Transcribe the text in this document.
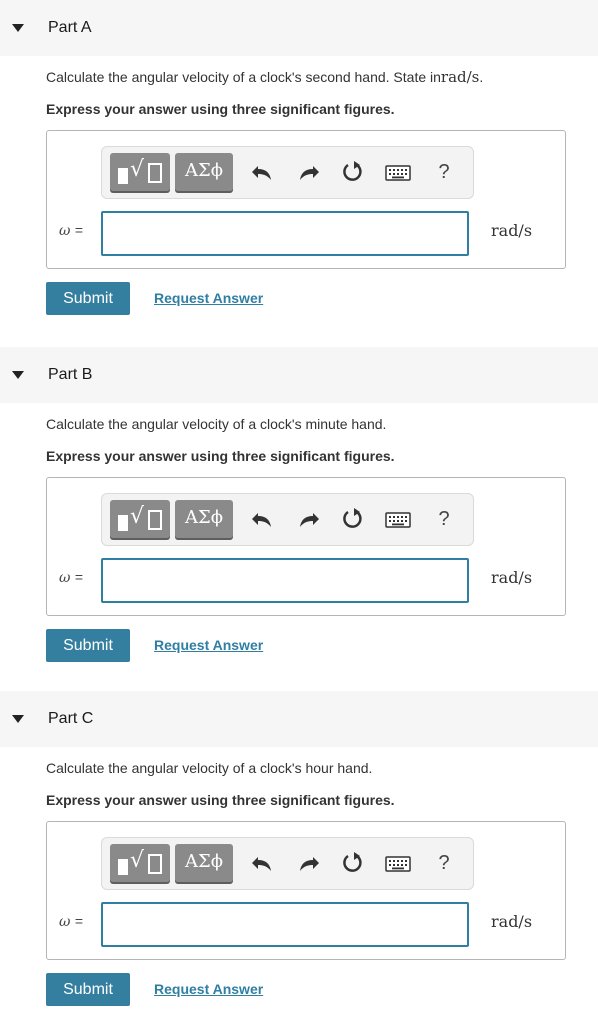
Part A

Calculate the angular velocity of a clock's second hand. State inrad/s.

Express your answer using three significant figures.

√	ΑΣϕ	?
ω =	rad/s
Submit	Request Answer
Part B

Calculate the angular velocity of a clock's minute hand.

Express your answer using three significant figures.

√	ΑΣϕ	?
ω =	rad/s
Submit	Request Answer
Part C

Calculate the angular velocity of a clock's hour hand.

Express your answer using three significant figures.

√	ΑΣϕ	?
ω =	rad/s
Submit	Request Answer
